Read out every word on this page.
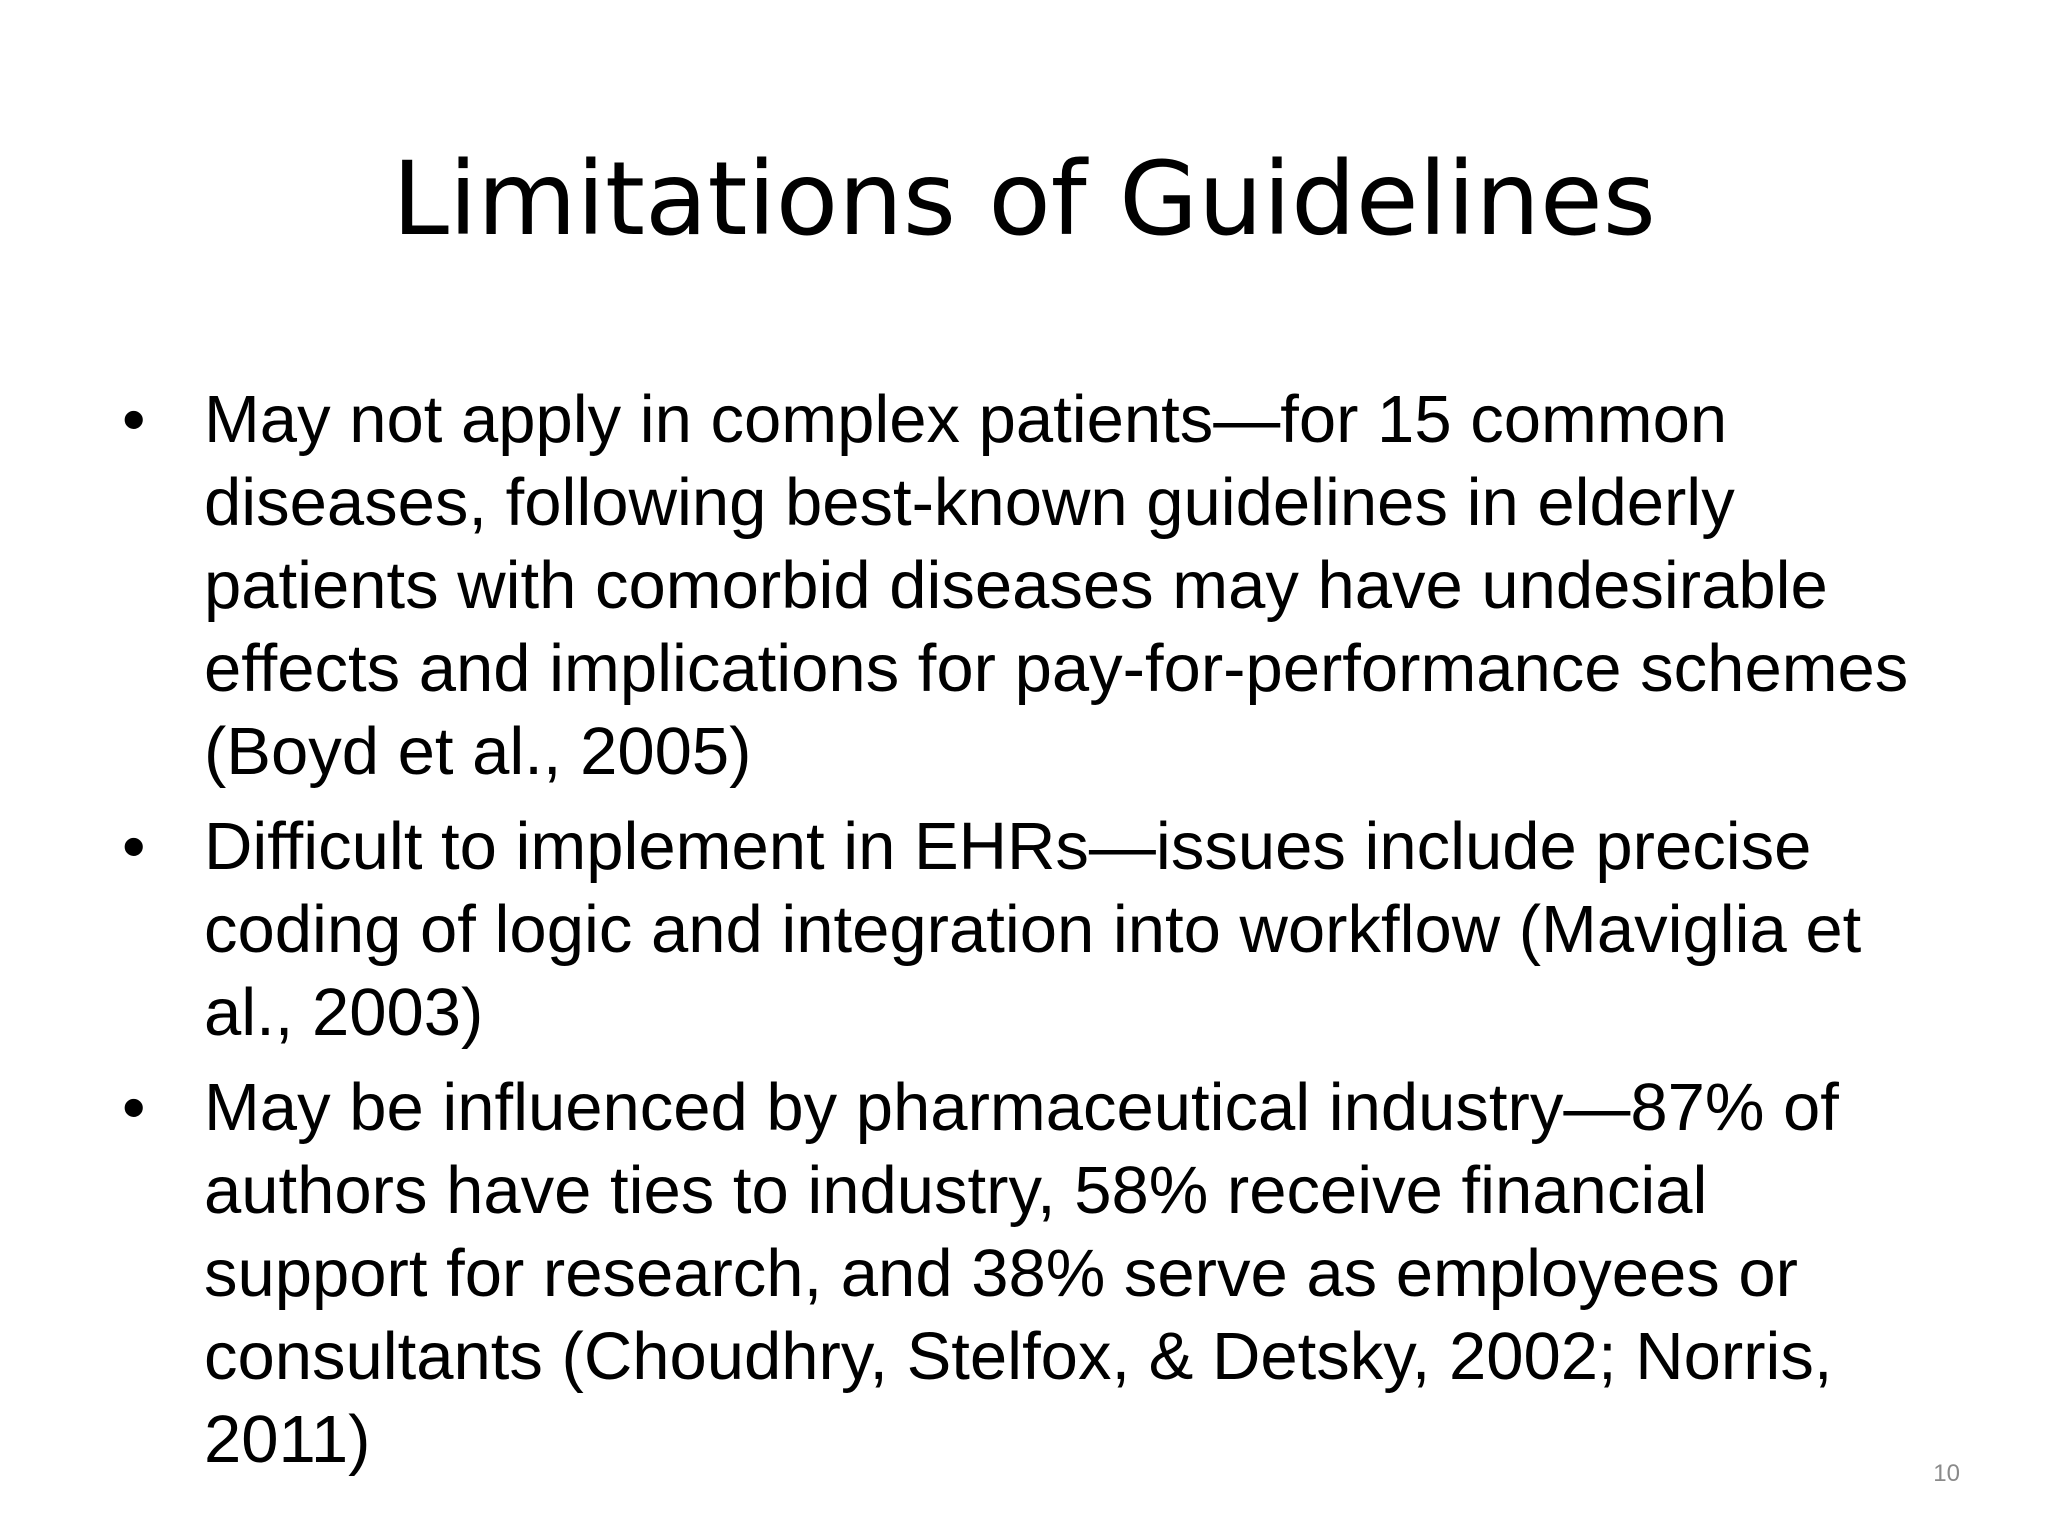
Limitations of Guidelines
• May not apply in complex patients—for 15 common diseases, following best-known guidelines in elderly patients with comorbid diseases may have undesirable effects and implications for pay-for-performance schemes (Boyd et al., 2005)
• Difficult to implement in EHRs—issues include precise coding of logic and integration into workflow (Maviglia et al., 2003)
• May be influenced by pharmaceutical industry—87% of authors have ties to industry, 58% receive financial support for research, and 38% serve as employees or consultants (Choudhry, Stelfox, & Detsky, 2002; Norris, 2011)	10
